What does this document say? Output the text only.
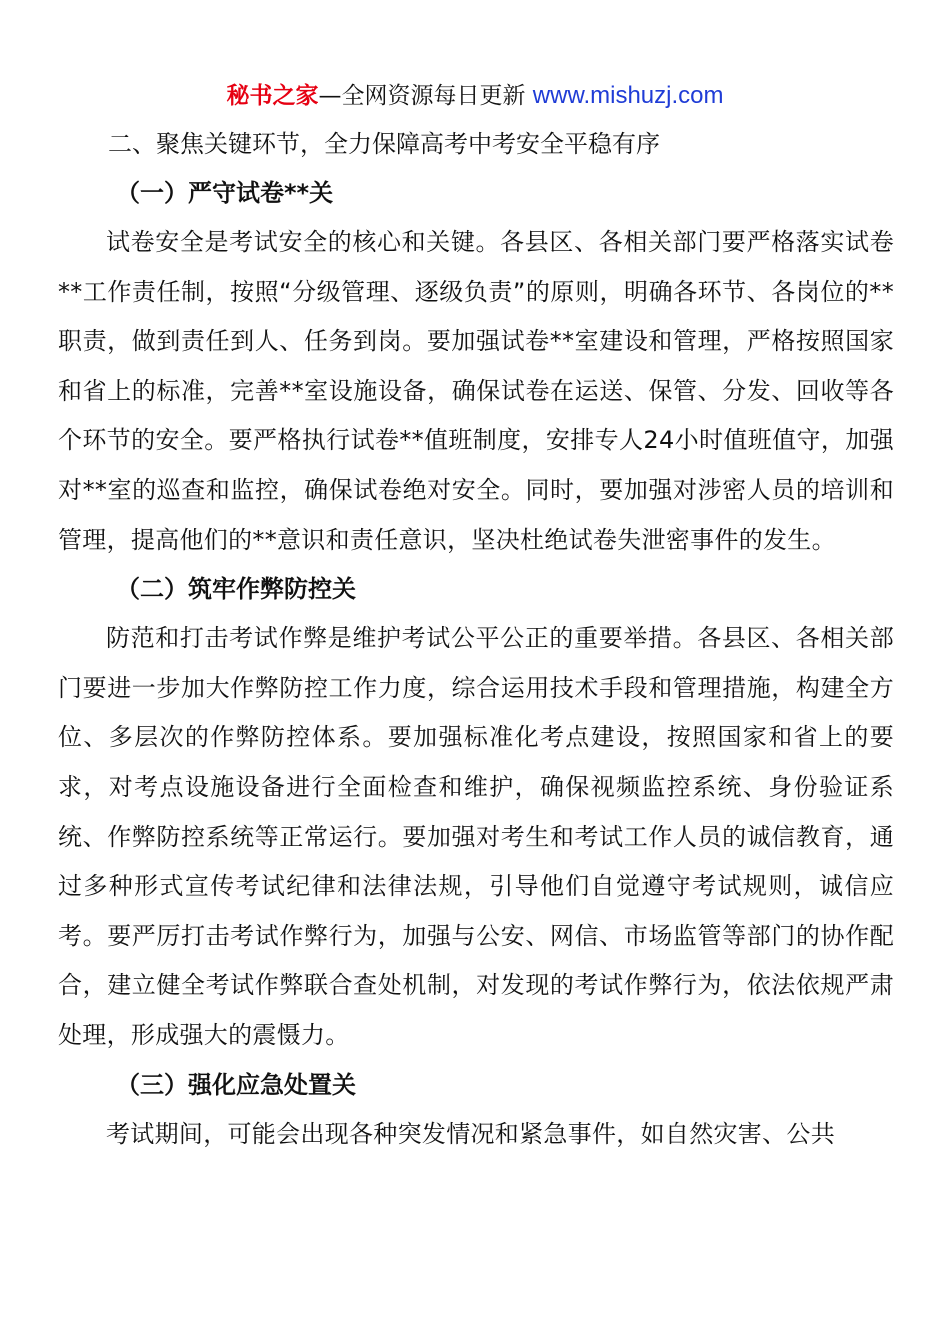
秘书之家—全网资源每日更新 www.mishuzj.com

二、聚焦关键环节，全力保障高考中考安全平稳有序

（一）严守试卷**关

试卷安全是考试安全的核心和关键。各县区、各相关部门要严格落实试卷**工作责任制，按照“分级管理、逐级负责”的原则，明确各环节、各岗位的**职责，做到责任到人、任务到岗。要加强试卷**室建设和管理，严格按照国家和省上的标准，完善**室设施设备，确保试卷在运送、保管、分发、回收等各个环节的安全。要严格执行试卷**值班制度，安排专人24小时值班值守，加强对**室的巡查和监控，确保试卷绝对安全。同时，要加强对涉密人员的培训和管理，提高他们的**意识和责任意识，坚决杜绝试卷失泄密事件的发生。

（二）筑牢作弊防控关

防范和打击考试作弊是维护考试公平公正的重要举措。各县区、各相关部门要进一步加大作弊防控工作力度，综合运用技术手段和管理措施，构建全方位、多层次的作弊防控体系。要加强标准化考点建设，按照国家和省上的要求，对考点设施设备进行全面检查和维护，确保视频监控系统、身份验证系统、作弊防控系统等正常运行。要加强对考生和考试工作人员的诚信教育，通过多种形式宣传考试纪律和法律法规，引导他们自觉遵守考试规则，诚信应考。要严厉打击考试作弊行为，加强与公安、网信、市场监管等部门的协作配合，建立健全考试作弊联合查处机制，对发现的考试作弊行为，依法依规严肃处理，形成强大的震慑力。

（三）强化应急处置关

考试期间，可能会出现各种突发情况和紧急事件，如自然灾害、公共
